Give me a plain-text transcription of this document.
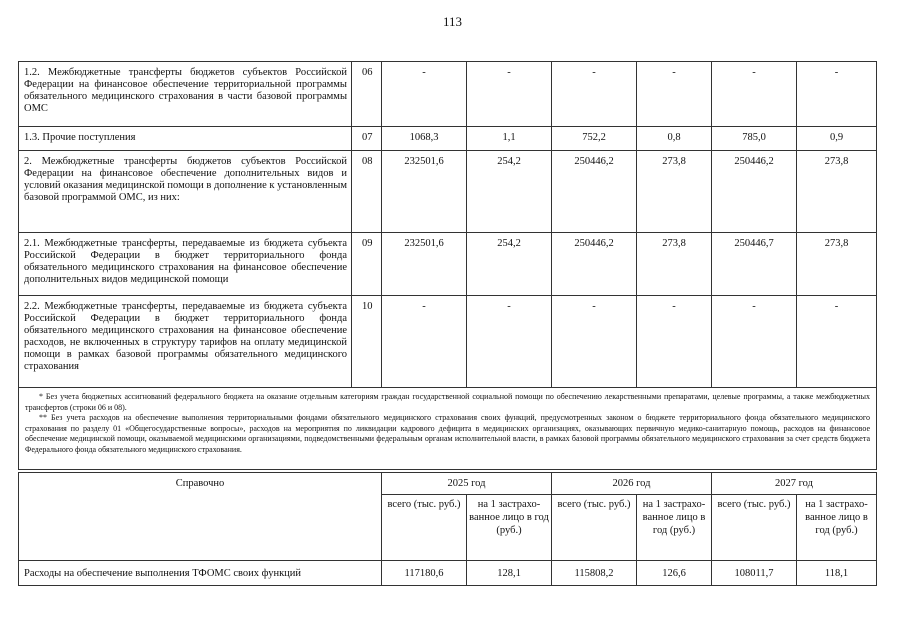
113
1.2. Межбюджетные трансферты бюджетов субъектов Российской Федерации на финансовое обеспечение территориальной программы обязательного медицинского страхования в части базовой программы ОМС	06	-	-	-	-	-	-
1.3. Прочие поступления	07	1068,3	1,1	752,2	0,8	785,0	0,9
2. Межбюджетные трансферты бюджетов субъектов Российской Федерации на финансовое обеспечение дополнительных видов и условий оказания медицинской помощи в дополнение к установленным базовой программой ОМС, из них:	08	232501,6	254,2	250446,2	273,8	250446,2	273,8
2.1. Межбюджетные трансферты, передаваемые из бюджета субъекта Российской Федерации в бюджет территориального фонда обязательного медицинского страхования на финансовое обеспечение дополнительных видов медицинской помощи	09	232501,6	254,2	250446,2	273,8	250446,7	273,8
2.2. Межбюджетные трансферты, передаваемые из бюджета субъекта Российской Федерации в бюджет территориального фонда обязательного медицинского страхования на финансовое обеспечение расходов, не включенных в структуру тарифов на оплату медицинской помощи в рамках базовой программы обязательного медицинского страхования	10	-	-	-	-	-	-

* Без учета бюджетных ассигнований федерального бюджета на оказание отдельным категориям граждан государственной социальной помощи по обеспечению лекарственными препаратами, целевые программы, а также межбюджетных трансфертов (строки 06 и 08).

** Без учета расходов на обеспечение выполнения территориальными фондами обязательного медицинского страхования своих функций, предусмотренных законом о бюджете территориального фонда обязательного медицинского страхования по разделу 01 «Общегосударственные вопросы», расходов на мероприятия по ликвидации кадрового дефицита в медицинских организациях, оказывающих первичную медико-санитарную помощь, расходов на финансовое обеспечение медицинской помощи, оказываемой медицинскими организациями, подведомственными федеральным органам исполнительной власти, в рамках базовой программы обязательного медицинского страхования за счет средств бюджета Федерального фонда обязательного медицинского страхования.							

Справочно	2025 год		2026 год		2027 год	
	всего (тыс. руб.)	на 1 застрахо- ванное лицо в год (руб.)	всего (тыс. руб.)	на 1 застрахо- ванное лицо в год (руб.)	всего (тыс. руб.)	на 1 застрахо- ванное лицо в год (руб.)
Расходы на обеспечение выполнения ТФОМС своих функций	117180,6	128,1	115808,2	126,6	108011,7	118,1
